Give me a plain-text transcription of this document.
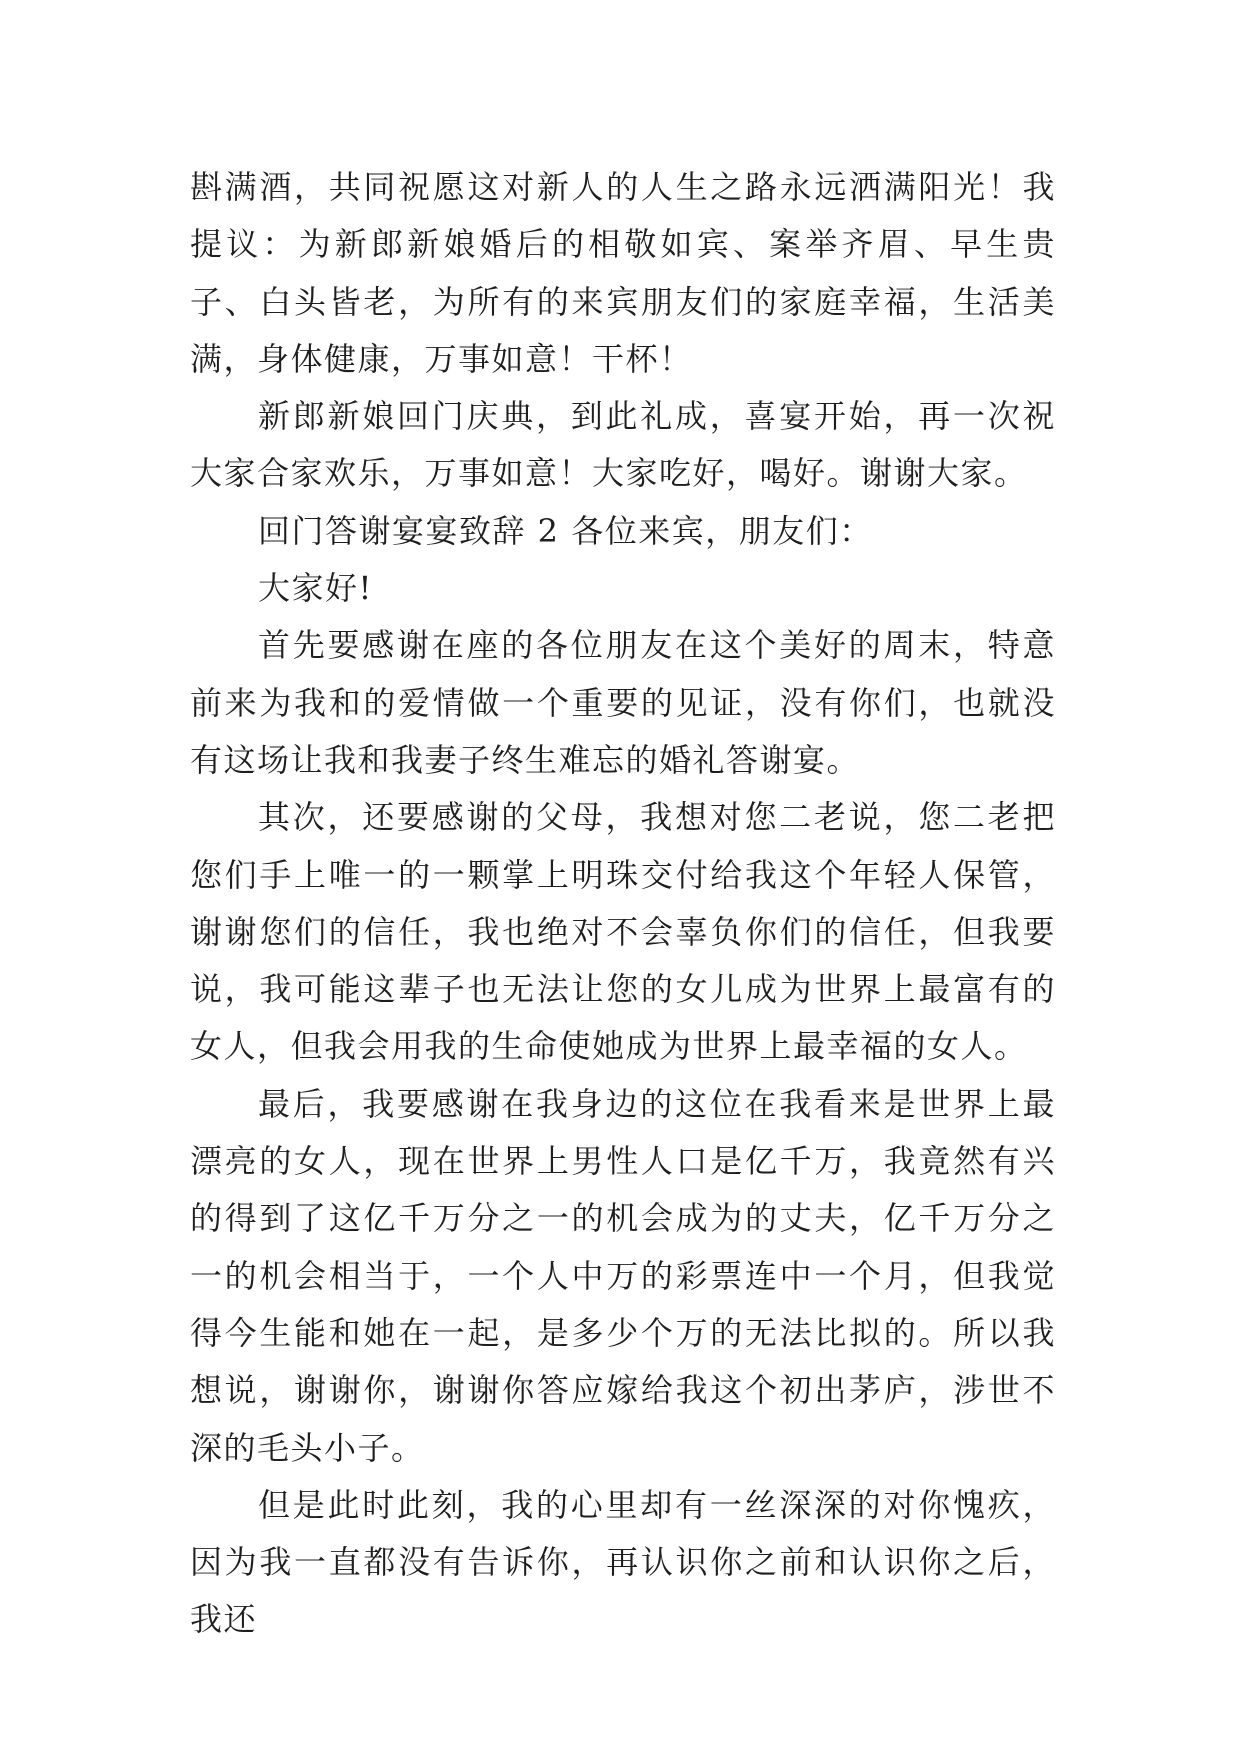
斟满酒，共同祝愿这对新人的人生之路永远洒满阳光！我提议：为新郎新娘婚后的相敬如宾、案举齐眉、早生贵子、白头皆老，为所有的来宾朋友们的家庭幸福，生活美满，身体健康，万事如意！干杯！

新郎新娘回门庆典，到此礼成，喜宴开始，再一次祝大家合家欢乐，万事如意！大家吃好，喝好。谢谢大家。

回门答谢宴宴致辞 2 各位来宾，朋友们：

大家好!

首先要感谢在座的各位朋友在这个美好的周末，特意前来为我和的爱情做一个重要的见证，没有你们，也就没有这场让我和我妻子终生难忘的婚礼答谢宴。

其次，还要感谢的父母，我想对您二老说，您二老把您们手上唯一的一颗掌上明珠交付给我这个年轻人保管，谢谢您们的信任，我也绝对不会辜负你们的信任，但我要说，我可能这辈子也无法让您的女儿成为世界上最富有的女人，但我会用我的生命使她成为世界上最幸福的女人。

最后，我要感谢在我身边的这位在我看来是世界上最漂亮的女人，现在世界上男性人口是亿千万，我竟然有兴的得到了这亿千万分之一的机会成为的丈夫，亿千万分之一的机会相当于，一个人中万的彩票连中一个月，但我觉得今生能和她在一起，是多少个万的无法比拟的。所以我想说，谢谢你，谢谢你答应嫁给我这个初出茅庐，涉世不深的毛头小子。

但是此时此刻，我的心里却有一丝深深的对你愧疚，因为我一直都没有告诉你，再认识你之前和认识你之后，我还
